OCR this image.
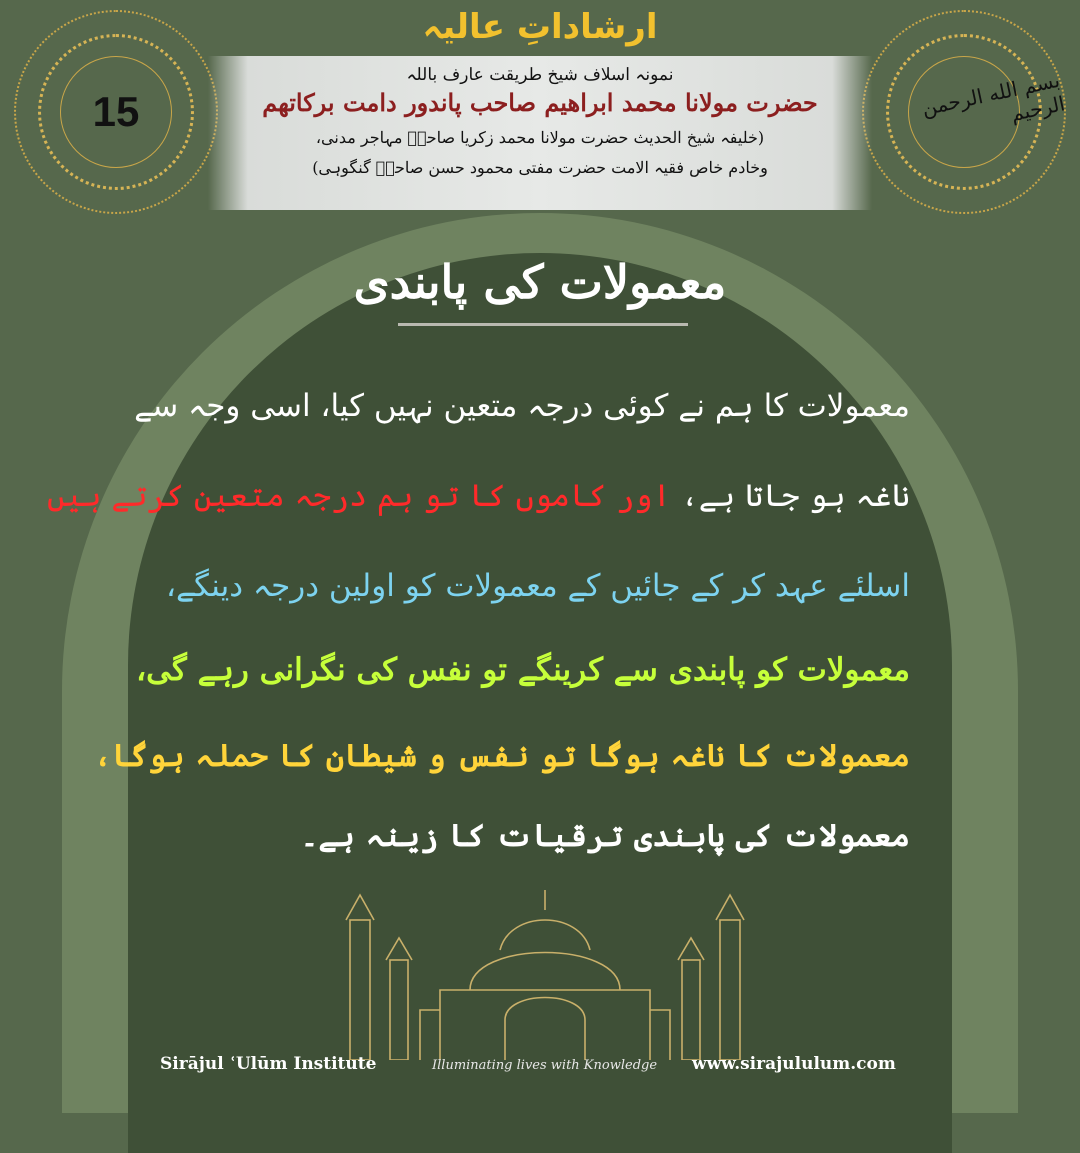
15	بسم الله الرحمن الرحيم
ارشاداتِ عالیہ
نمونہ اسلاف شیخ طریقت عارف باللہ
حضرت مولانا محمد ابراھیم صاحب پاندور دامت برکاتھم
(خلیفہ شیخ الحدیث حضرت مولانا محمد زکریا صاحبؒ مہاجر مدنی،
وخادم خاص فقیہ الامت حضرت مفتی محمود حسن صاحبؒ گنگوہی)
معمولات کی پابندی
معمولات کا ہم نے کوئی درجہ متعین نہیں کیا، اسی وجہ سے
ناغہ ہو جاتا ہے، اور کاموں کا تو ہم درجہ متعین کرتے ہیں
اسلئے عہد کر کے جائیں کے معمولات کو اولین درجہ دینگے،
معمولات کو پابندی سے کرینگے تو نفس کی نگرانی رہے گی،
معمولات کا ناغہ ہوگا تو نفس و شیطان کا حملہ ہوگا،
معمولات کی پابندی ترقیات کا زینہ ہے۔
Sirājul ʿUlūm Institute	Illuminating lives with Knowledge www.sirajululum.com
